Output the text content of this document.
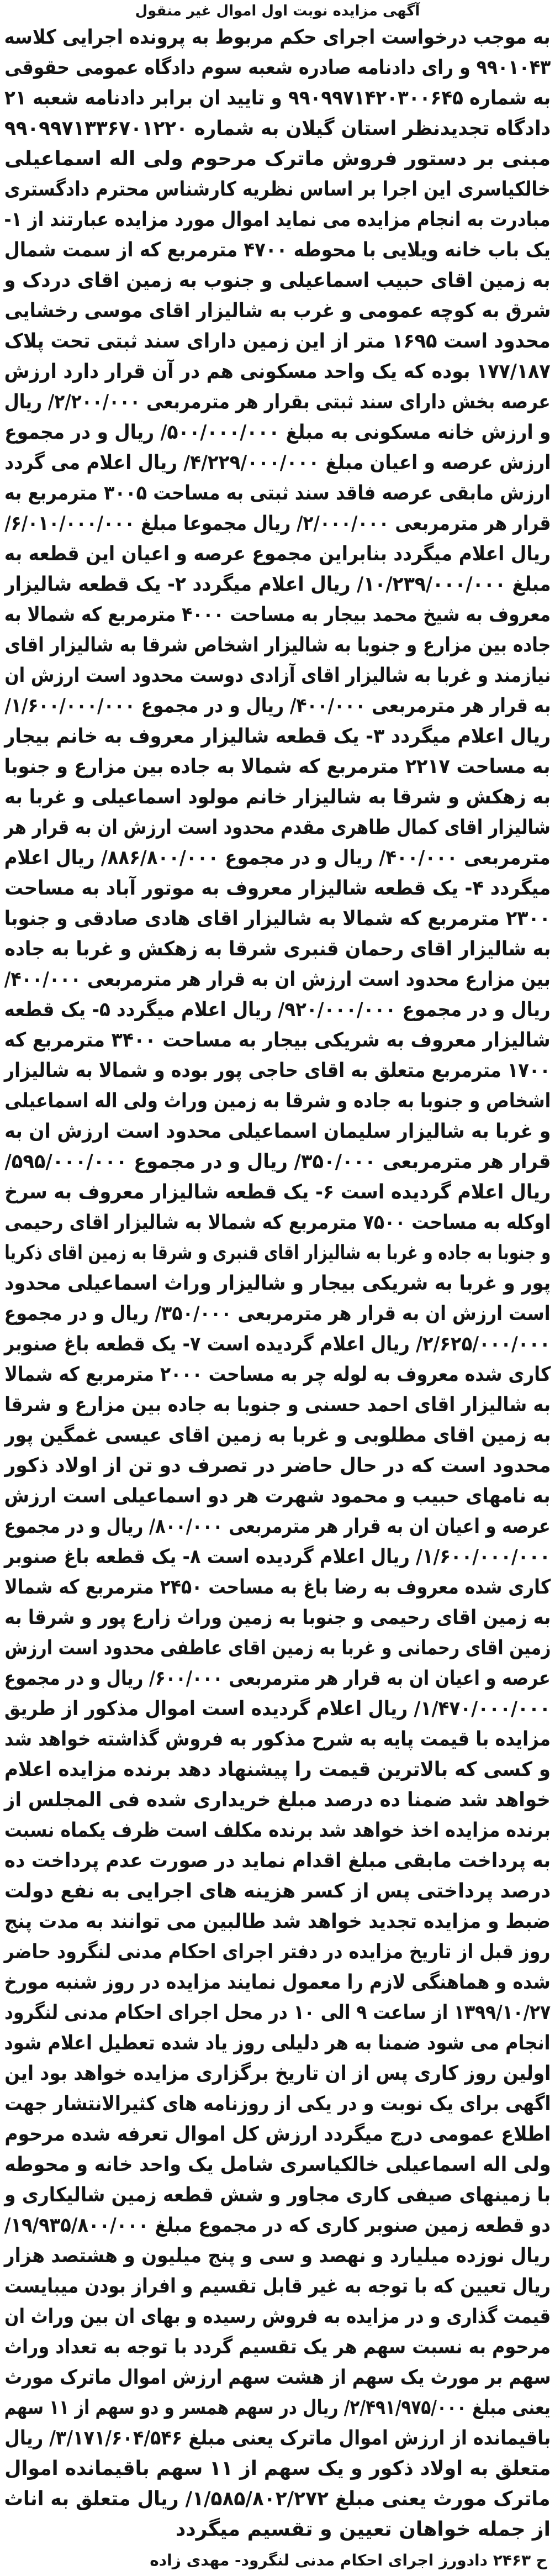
آگهی مزایده نوبت اول اموال غیر منقول
به موجب درخواست اجرای حکم مربوط به پرونده اجرایی کلاسه
۹۹۰۱۰۴۳ و رای دادنامه صادره شعبه سوم دادگاه عمومی حقوقی
به شماره ۹۹۰۹۹۷۱۴۲۰۳۰۰۶۴۵ و تایید ان برابر دادنامه شعبه ۲۱
دادگاه تجدیدنظر استان گیلان به شماره ۹۹۰۹۹۷۱۳۳۶۷۰۱۲۲۰
مبنی بر دستور فروش ماترک مرحوم ولی اله اسماعیلی
خالکیاسری این اجرا بر اساس نظریه کارشناس محترم دادگستری
مبادرت به انجام مزایده می نماید اموال مورد مزایده عبارتند از ۱-
یک باب خانه ویلایی با محوطه ۴۷۰۰ مترمربع که از سمت شمال
به زمین اقای حبیب اسماعیلی و جنوب به زمین اقای دردک و
شرق به کوچه عمومی و غرب به شالیزار اقای موسی رخشایی
محدود است ۱۶۹۵ متر از این زمین دارای سند ثبتی تحت پلاک
۱۷۷/۱۸۷ بوده که یک واحد مسکونی هم در آن قرار دارد ارزش
عرصه بخش دارای سند ثبتی بقرار هر مترمربعی ۲/۲۰۰/۰۰۰/ ریال
و ارزش خانه مسکونی به مبلغ ۵۰۰/۰۰۰/۰۰۰/ ریال و در مجموع
ارزش عرصه و اعیان مبلغ ۴/۲۲۹/۰۰۰/۰۰۰/ ریال اعلام می گردد
ارزش مابقی عرصه فاقد سند ثبتی به مساحت ۳۰۰۵ مترمربع به
قرار هر مترمربعی ۲/۰۰۰/۰۰۰/ ریال مجموعا مبلغ ۶/۰۱۰/۰۰۰/۰۰۰/
ریال اعلام میگردد بنابراین مجموع عرصه و اعیان این قطعه به
مبلغ ۱۰/۲۳۹/۰۰۰/۰۰۰/ ریال اعلام میگردد ۲- یک قطعه شالیزار
معروف به شیخ محمد بیجار به مساحت ۴۰۰۰ مترمربع که شمالا به
جاده بین مزارع و جنوبا به شالیزار اشخاص شرقا به شالیزار اقای
نیازمند و غربا به شالیزار اقای آزادی دوست محدود است ارزش ان
به قرار هر مترمربعی ۴۰۰/۰۰۰/ ریال و در مجموع ۱/۶۰۰/۰۰۰/۰۰۰/
ریال اعلام میگردد ۳- یک قطعه شالیزار معروف به خانم بیجار
به مساحت ۲۲۱۷ مترمربع که شمالا به جاده بین مزارع و جنوبا
به زهکش و شرقا به شالیزار خانم مولود اسماعیلی و غربا به
شالیزار اقای کمال طاهری مقدم محدود است ارزش ان به قرار هر
مترمربعی ۴۰۰/۰۰۰/ ریال و در مجموع ۸۸۶/۸۰۰/۰۰۰/ ریال اعلام
میگردد ۴- یک قطعه شالیزار معروف به موتور آباد به مساحت
۲۳۰۰ مترمربع که شمالا به شالیزار اقای هادی صادقی و جنوبا
به شالیزار اقای رحمان قنبری شرقا به زهکش و غربا به جاده
بین مزارع محدود است ارزش ان به قرار هر مترمربعی ۴۰۰/۰۰۰/
ریال و در مجموع ۹۲۰/۰۰۰/۰۰۰/ ریال اعلام میگردد ۵- یک قطعه
شالیزار معروف به شریکی بیجار به مساحت ۳۴۰۰ مترمربع که
۱۷۰۰ مترمربع متعلق به اقای حاجی پور بوده و شمالا به شالیزار
اشخاص و جنوبا به جاده و شرقا به زمین وراث ولی اله اسماعیلی
و غربا به شالیزار سلیمان اسماعیلی محدود است ارزش ان به
قرار هر مترمربعی ۳۵۰/۰۰۰/ ریال و در مجموع ۵۹۵/۰۰۰/۰۰۰/
ریال اعلام گردیده است ۶- یک قطعه شالیزار معروف به سرخ
اوکله به مساحت ۷۵۰۰ مترمربع که شمالا به شالیزار اقای رحیمی
و جنوبا به جاده و غربا به شالیزار اقای قنبری و شرقا به زمین اقای ذکریا
پور و غربا به شریکی بیجار و شالیزار وراث اسماعیلی محدود
است ارزش ان به قرار هر مترمربعی ۳۵۰/۰۰۰/ ریال و در مجموع
۲/۶۲۵/۰۰۰/۰۰۰/ ریال اعلام گردیده است ۷- یک قطعه باغ صنوبر
کاری شده معروف به لوله چر به مساحت ۲۰۰۰ مترمربع که شمالا
به شالیزار اقای احمد حسنی و جنوبا به جاده بین مزارع و شرقا
به زمین اقای مطلوبی و غربا به زمین اقای عیسی غمگین پور
محدود است که در حال حاضر در تصرف دو تن از اولاد ذکور
به نامهای حبیب و محمود شهرت هر دو اسماعیلی است ارزش
عرصه و اعیان ان به قرار هر مترمربعی ۸۰۰/۰۰۰/ ریال و در مجموع
۱/۶۰۰/۰۰۰/۰۰۰/ ریال اعلام گردیده است ۸- یک قطعه باغ صنوبر
کاری شده معروف به رضا باغ به مساحت ۲۴۵۰ مترمربع که شمالا
به زمین اقای رحیمی و جنوبا به زمین وراث زارع پور و شرقا به
زمین اقای رحمانی و غربا به زمین اقای عاطفی محدود است ارزش
عرصه و اعیان ان به قرار هر مترمربعی ۶۰۰/۰۰۰/ ریال و در مجموع
۱/۴۷۰/۰۰۰/۰۰۰/ ریال اعلام گردیده است اموال مذکور از طریق
مزایده با قیمت پایه به شرح مذکور به فروش گذاشته خواهد شد
و کسی که بالاترین قیمت را پیشنهاد دهد برنده مزایده اعلام
خواهد شد ضمنا ده درصد مبلغ خریداری شده فی المجلس از
برنده مزایده اخذ خواهد شد برنده مکلف است ظرف یکماه نسبت
به پرداخت مابقی مبلغ اقدام نماید در صورت عدم پرداخت ده
درصد پرداختی پس از کسر هزینه های اجرایی به نفع دولت
ضبط و مزایده تجدید خواهد شد طالبین می توانند به مدت پنج
روز قبل از تاریخ مزایده در دفتر اجرای احکام مدنی لنگرود حاضر
شده و هماهنگی لازم را معمول نمایند مزایده در روز شنبه مورخ
۱۳۹۹/۱۰/۲۷ از ساعت ۹ الی ۱۰ در محل اجرای احکام مدنی لنگرود
انجام می شود ضمنا به هر دلیلی روز یاد شده تعطیل اعلام شود
اولین روز کاری پس از ان تاریخ برگزاری مزایده خواهد بود این
اگهی برای یک نوبت و در یکی از روزنامه های کثیرالانتشار جهت
اطلاع عمومی درج میگردد ارزش کل اموال تعرفه شده مرحوم
ولی اله اسماعیلی خالکیاسری شامل یک واحد خانه و محوطه
با زمینهای صیفی کاری مجاور و شش قطعه زمین شالیکاری و
دو قطعه زمین صنوبر کاری که در مجموع مبلغ ۱۹/۹۳۵/۸۰۰/۰۰۰/
ریال نوزده میلیارد و نهصد و سی و پنج میلیون و هشتصد هزار
ریال تعیین که با توجه به غیر قابل تقسیم و افراز بودن میبایست
قیمت گذاری و در مزایده به فروش رسیده و بهای ان بین وراث ان
مرحوم به نسبت سهم هر یک تقسیم گردد با توجه به تعداد وراث
سهم بر مورث یک سهم از هشت سهم ارزش اموال ماترک مورث
یعنی مبلغ ۲/۴۹۱/۹۷۵/۰۰۰/ ریال در سهم همسر و دو سهم از ۱۱ سهم
باقیمانده از ارزش اموال ماترک یعنی مبلغ ۳/۱۷۱/۶۰۴/۵۴۶/ ریال
متعلق به اولاد ذکور و یک سهم از ۱۱ سهم باقیمانده اموال
ماترک مورث یعنی مبلغ ۱/۵۸۵/۸۰۲/۲۷۲/ ریال متعلق به اناث
از جمله خواهان تعیین و تقسیم میگردد
ح ۲۴۶۳ دادورز اجرای احکام مدنی لنگرود- مهدی زاده
